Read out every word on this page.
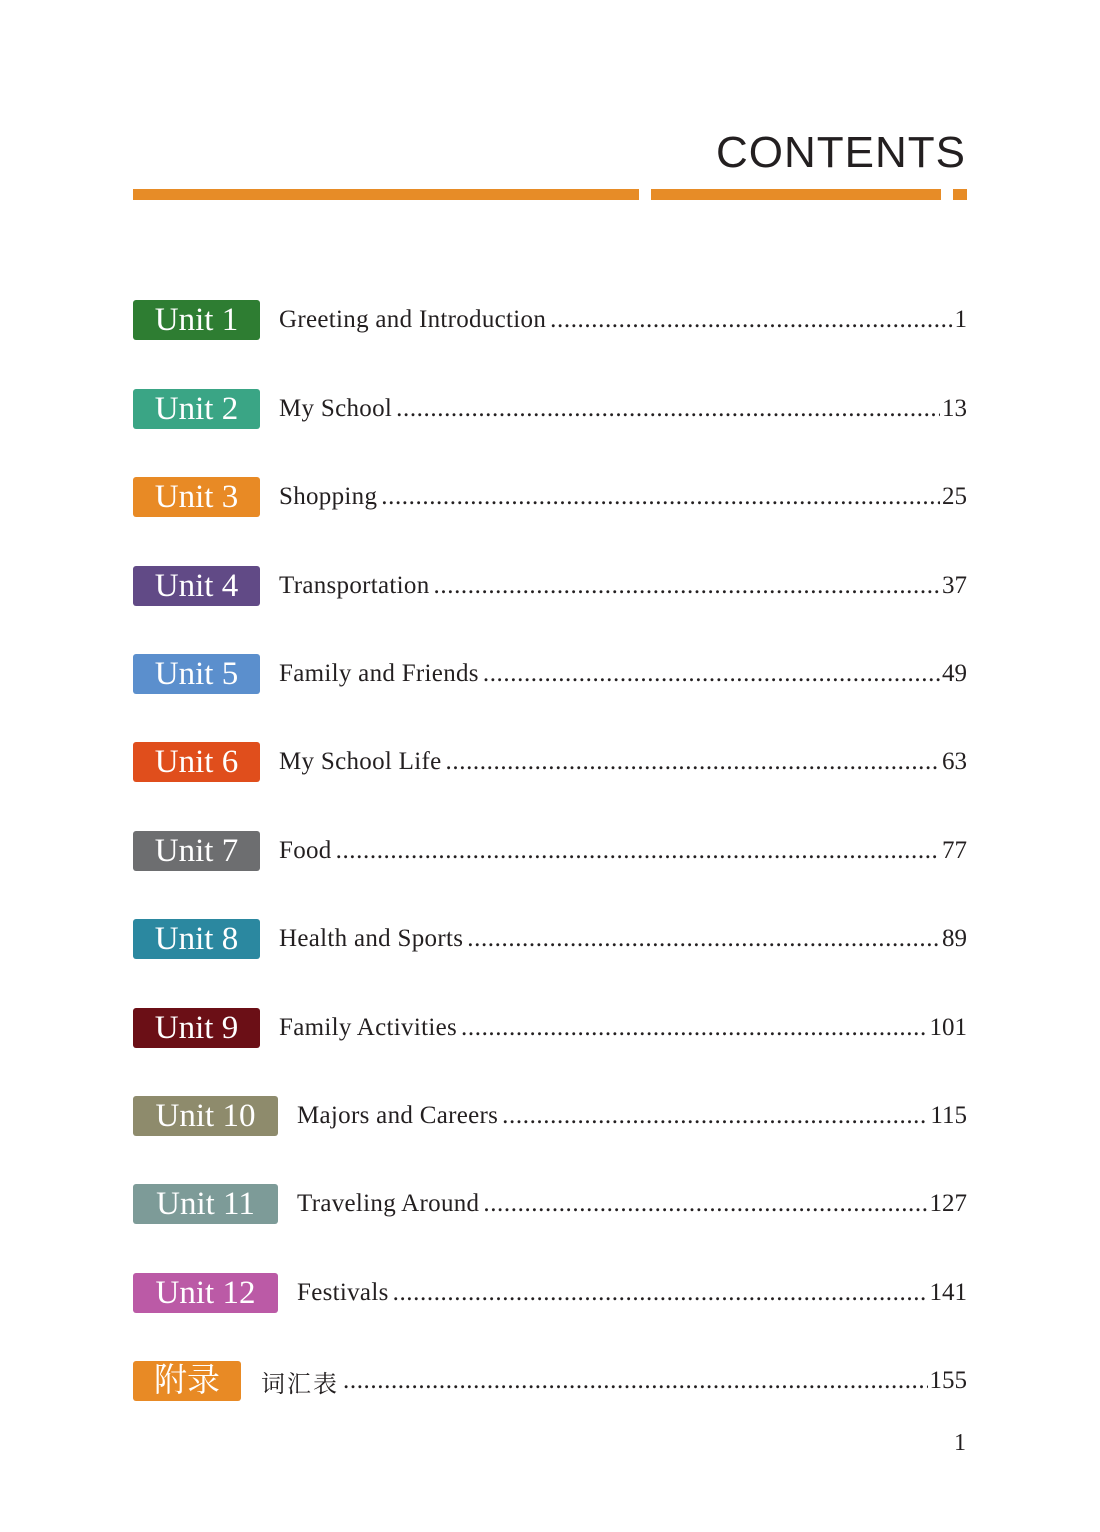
CONTENTS
Unit 1	Greeting and Introduction .....	1
Unit 2	My School .....	13
Unit 3	Shopping .....	25
Unit 4	Transportation .....	37
Unit 5	Family and Friends .....	49
Unit 6	My School Life .....	63
Unit 7	Food .....	77
Unit 8	Health and Sports .....	89
Unit 9	Family Activities .....	101
Unit 10	Majors and Careers .....	115
Unit 11	Traveling Around .....	127
Unit 12	Festivals .....	141
附录	词汇表 .....	155
1
